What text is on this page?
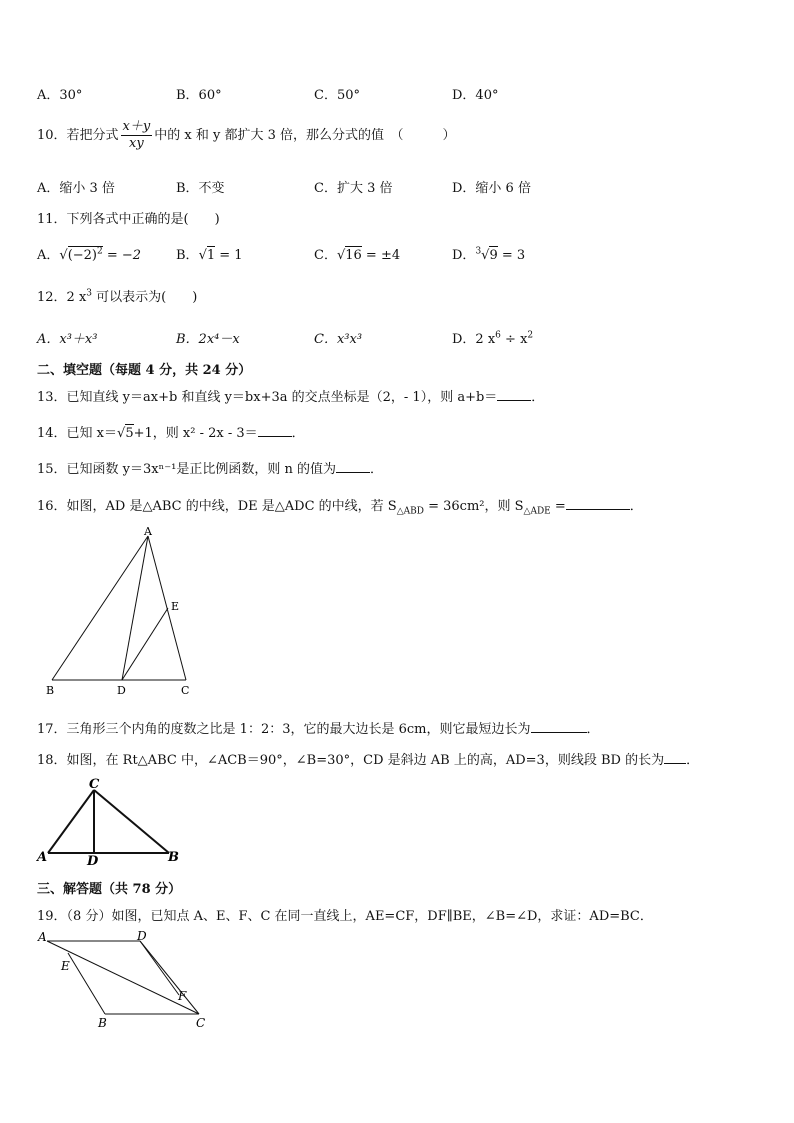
A．30°	B．60°	C．50°	D．40°
10．若把分式 $\frac{x+y}{xy}$ 中的 x 和 y 都扩大 3 倍，那么分式的值　（　　　）
A．缩小 3 倍	B．不变	C．扩大 3 倍	D．缩小 6 倍
11．下列各式中正确的是(　　)
A．$√(-2)^2 = -2$	B．√1 = 1	C．√16 = ±4	D．$^3$√9 = 3
12．2 $x^3$ 可以表示为(　　)
A．x³＋x³	B．2x⁴－x	C．x³x³	D．2 $x^6 \div x^2$
二、填空题（每题 4 分，共 24 分）
13．已知直线 y＝ax+b 和直线 y＝bx+3a 的交点坐标是（2，- 1），则 a+b＝	．
14．已知 x＝√5+1，则 x² - 2x - 3＝	．
15．已知函数 y＝3xⁿ⁻¹是正比例函数，则 n 的值为	．
16．如图，AD 是△ABC 的中线，DE 是△ADC 的中线，若 $S_{\triangle ABD} = 36cm^2$，则 $S_{\triangle ADE}$ =	．
A
B	C
D
E
17．三角形三个内角的度数之比是 1：2：3，它的最大边长是 6cm，则它最短边长为	．
18．如图，在 Rt△ABC 中，∠ACB＝90°，∠B=30°，CD 是斜边 AB 上的高，AD=3，则线段 BD 的长为 ．
C
A	D	B
三、解答题（共 78 分）
19．（8 分）如图，已知点 A、E、F、C 在同一直线上，AE=CF，DF∥BE，∠B=∠D，求证：AD=BC．
A	D
E
F
B	C
